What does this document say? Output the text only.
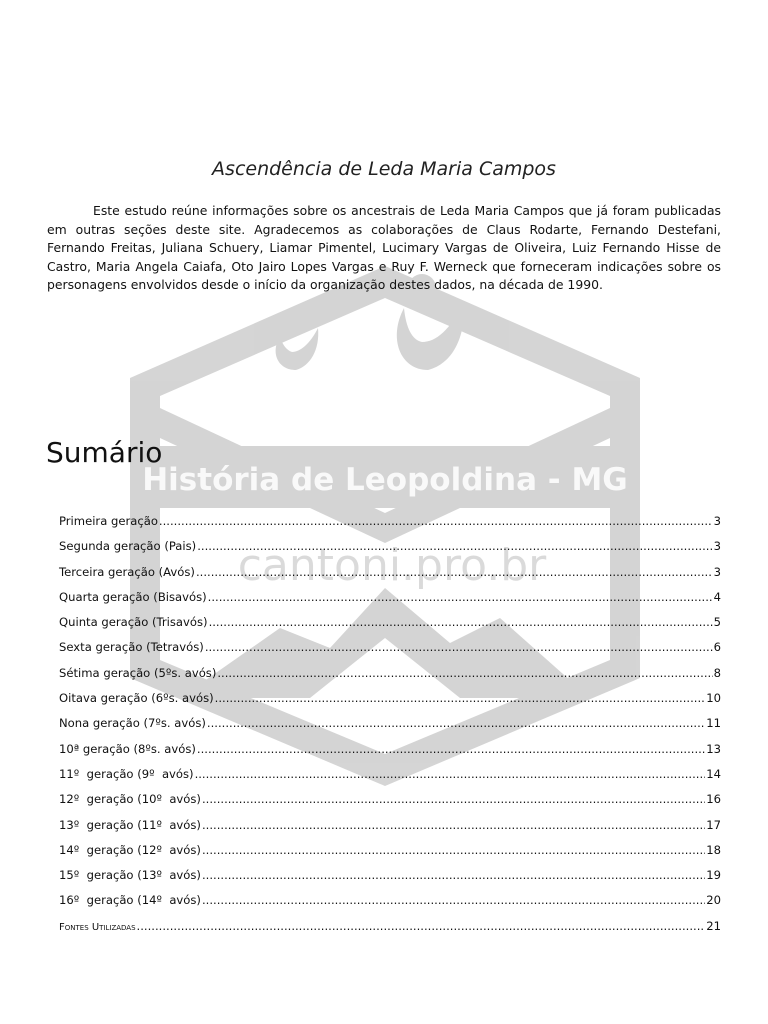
História de Leopoldina - MG
cantoni.pro.br
Ascendência de Leda Maria Campos

Este estudo reúne informações sobre os ancestrais de Leda Maria Campos que já foram publicadas em outras seções deste site. Agradecemos as colaborações de Claus Rodarte, Fernando Destefani, Fernando Freitas, Juliana Schuery, Liamar Pimentel, Lucimary Vargas de Oliveira, Luiz Fernando Hisse de Castro, Maria Angela Caiafa, Oto Jairo Lopes Vargas e Ruy F. Werneck que forneceram indicações sobre os personagens envolvidos desde o início da organização destes dados, na década de 1990.

Sumário
Primeira geração .....	3
Segunda geração (Pais) .....	3
Terceira geração (Avós) .....	3
Quarta geração (Bisavós) .....	4
Quinta geração (Trisavós) .....	5
Sexta geração (Tetravós) .....	6
Sétima geração (5ºs. avós) .....	8
Oitava geração (6ºs. avós) .....	10
Nona geração (7ºs. avós) .....	11
10ª geração (8ºs. avós) .....	13
11º  geração (9º  avós) .....	14
12º  geração (10º  avós) .....	16
13º  geração (11º  avós) .....	17
14º  geração (12º  avós) .....	18
15º  geração (13º  avós) .....	19
16º  geração (14º  avós) .....	20
Fontes Utilizadas .....	21
